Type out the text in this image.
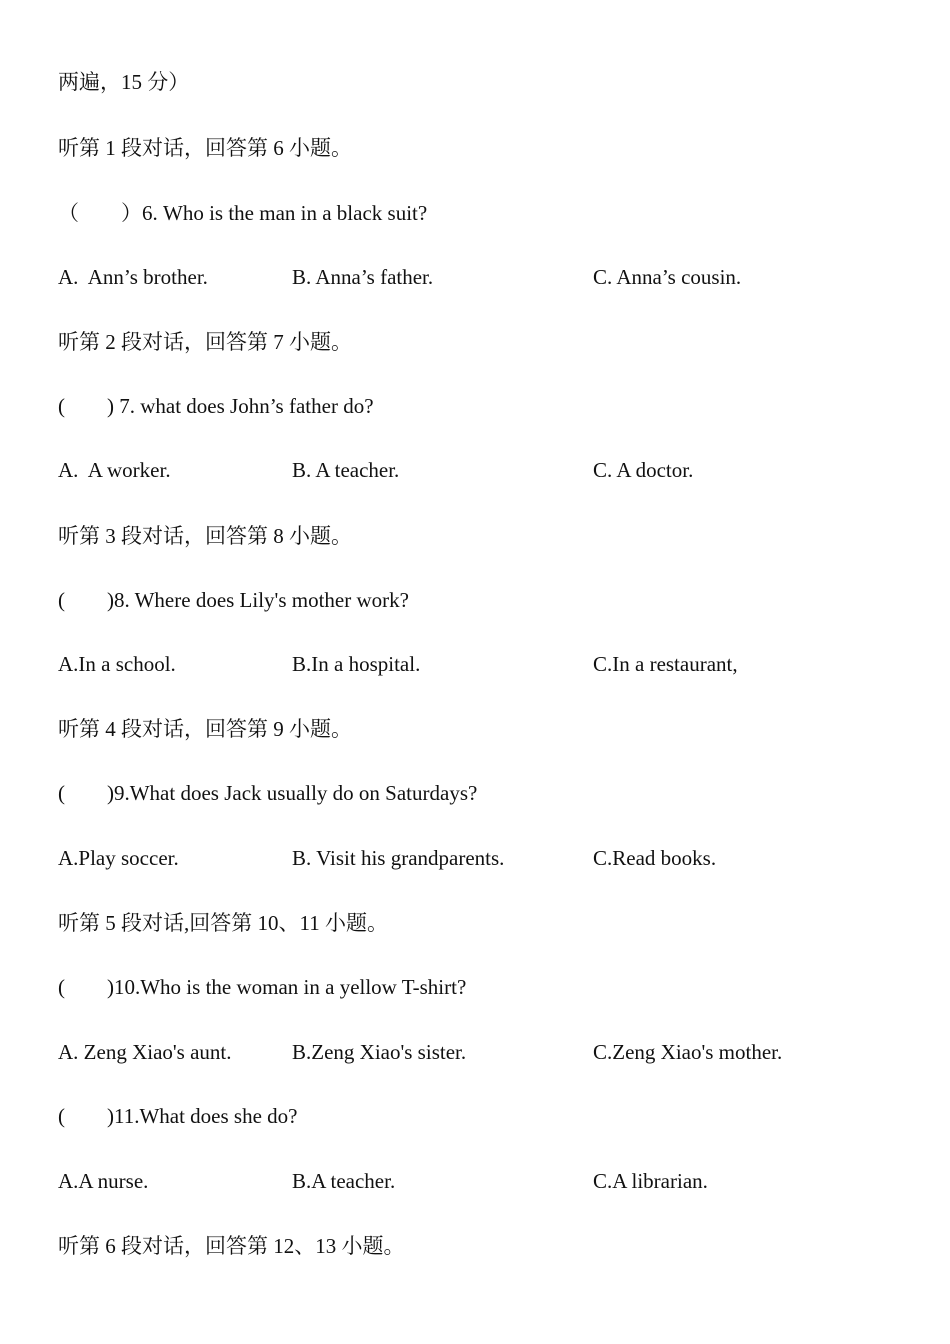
两遍，15 分）
听第 1 段对话，回答第 6 小题。
（        ）6. Who is the man in a black suit?
A.  Ann’s brother.	B. Anna’s father.	C. Anna’s cousin.
听第 2 段对话，回答第 7 小题。
(        ) 7. what does John’s father do?
A.  A worker.	B. A teacher.	C. A doctor.
听第 3 段对话，回答第 8 小题。
(        )8. Where does Lily's mother work?
A.In a school.	B.In a hospital.	C.In a restaurant,
听第 4 段对话，回答第 9 小题。
(        )9.What does Jack usually do on Saturdays?
A.Play soccer.	B. Visit his grandparents.	C.Read books.
听第 5 段对话,回答第 10、11 小题。
(        )10.Who is the woman in a yellow T-shirt?
A. Zeng Xiao's aunt.	B.Zeng Xiao's sister.	C.Zeng Xiao's mother.
(        )11.What does she do?
A.A nurse.	B.A teacher.	C.A librarian.
听第 6 段对话，回答第 12、13 小题。
